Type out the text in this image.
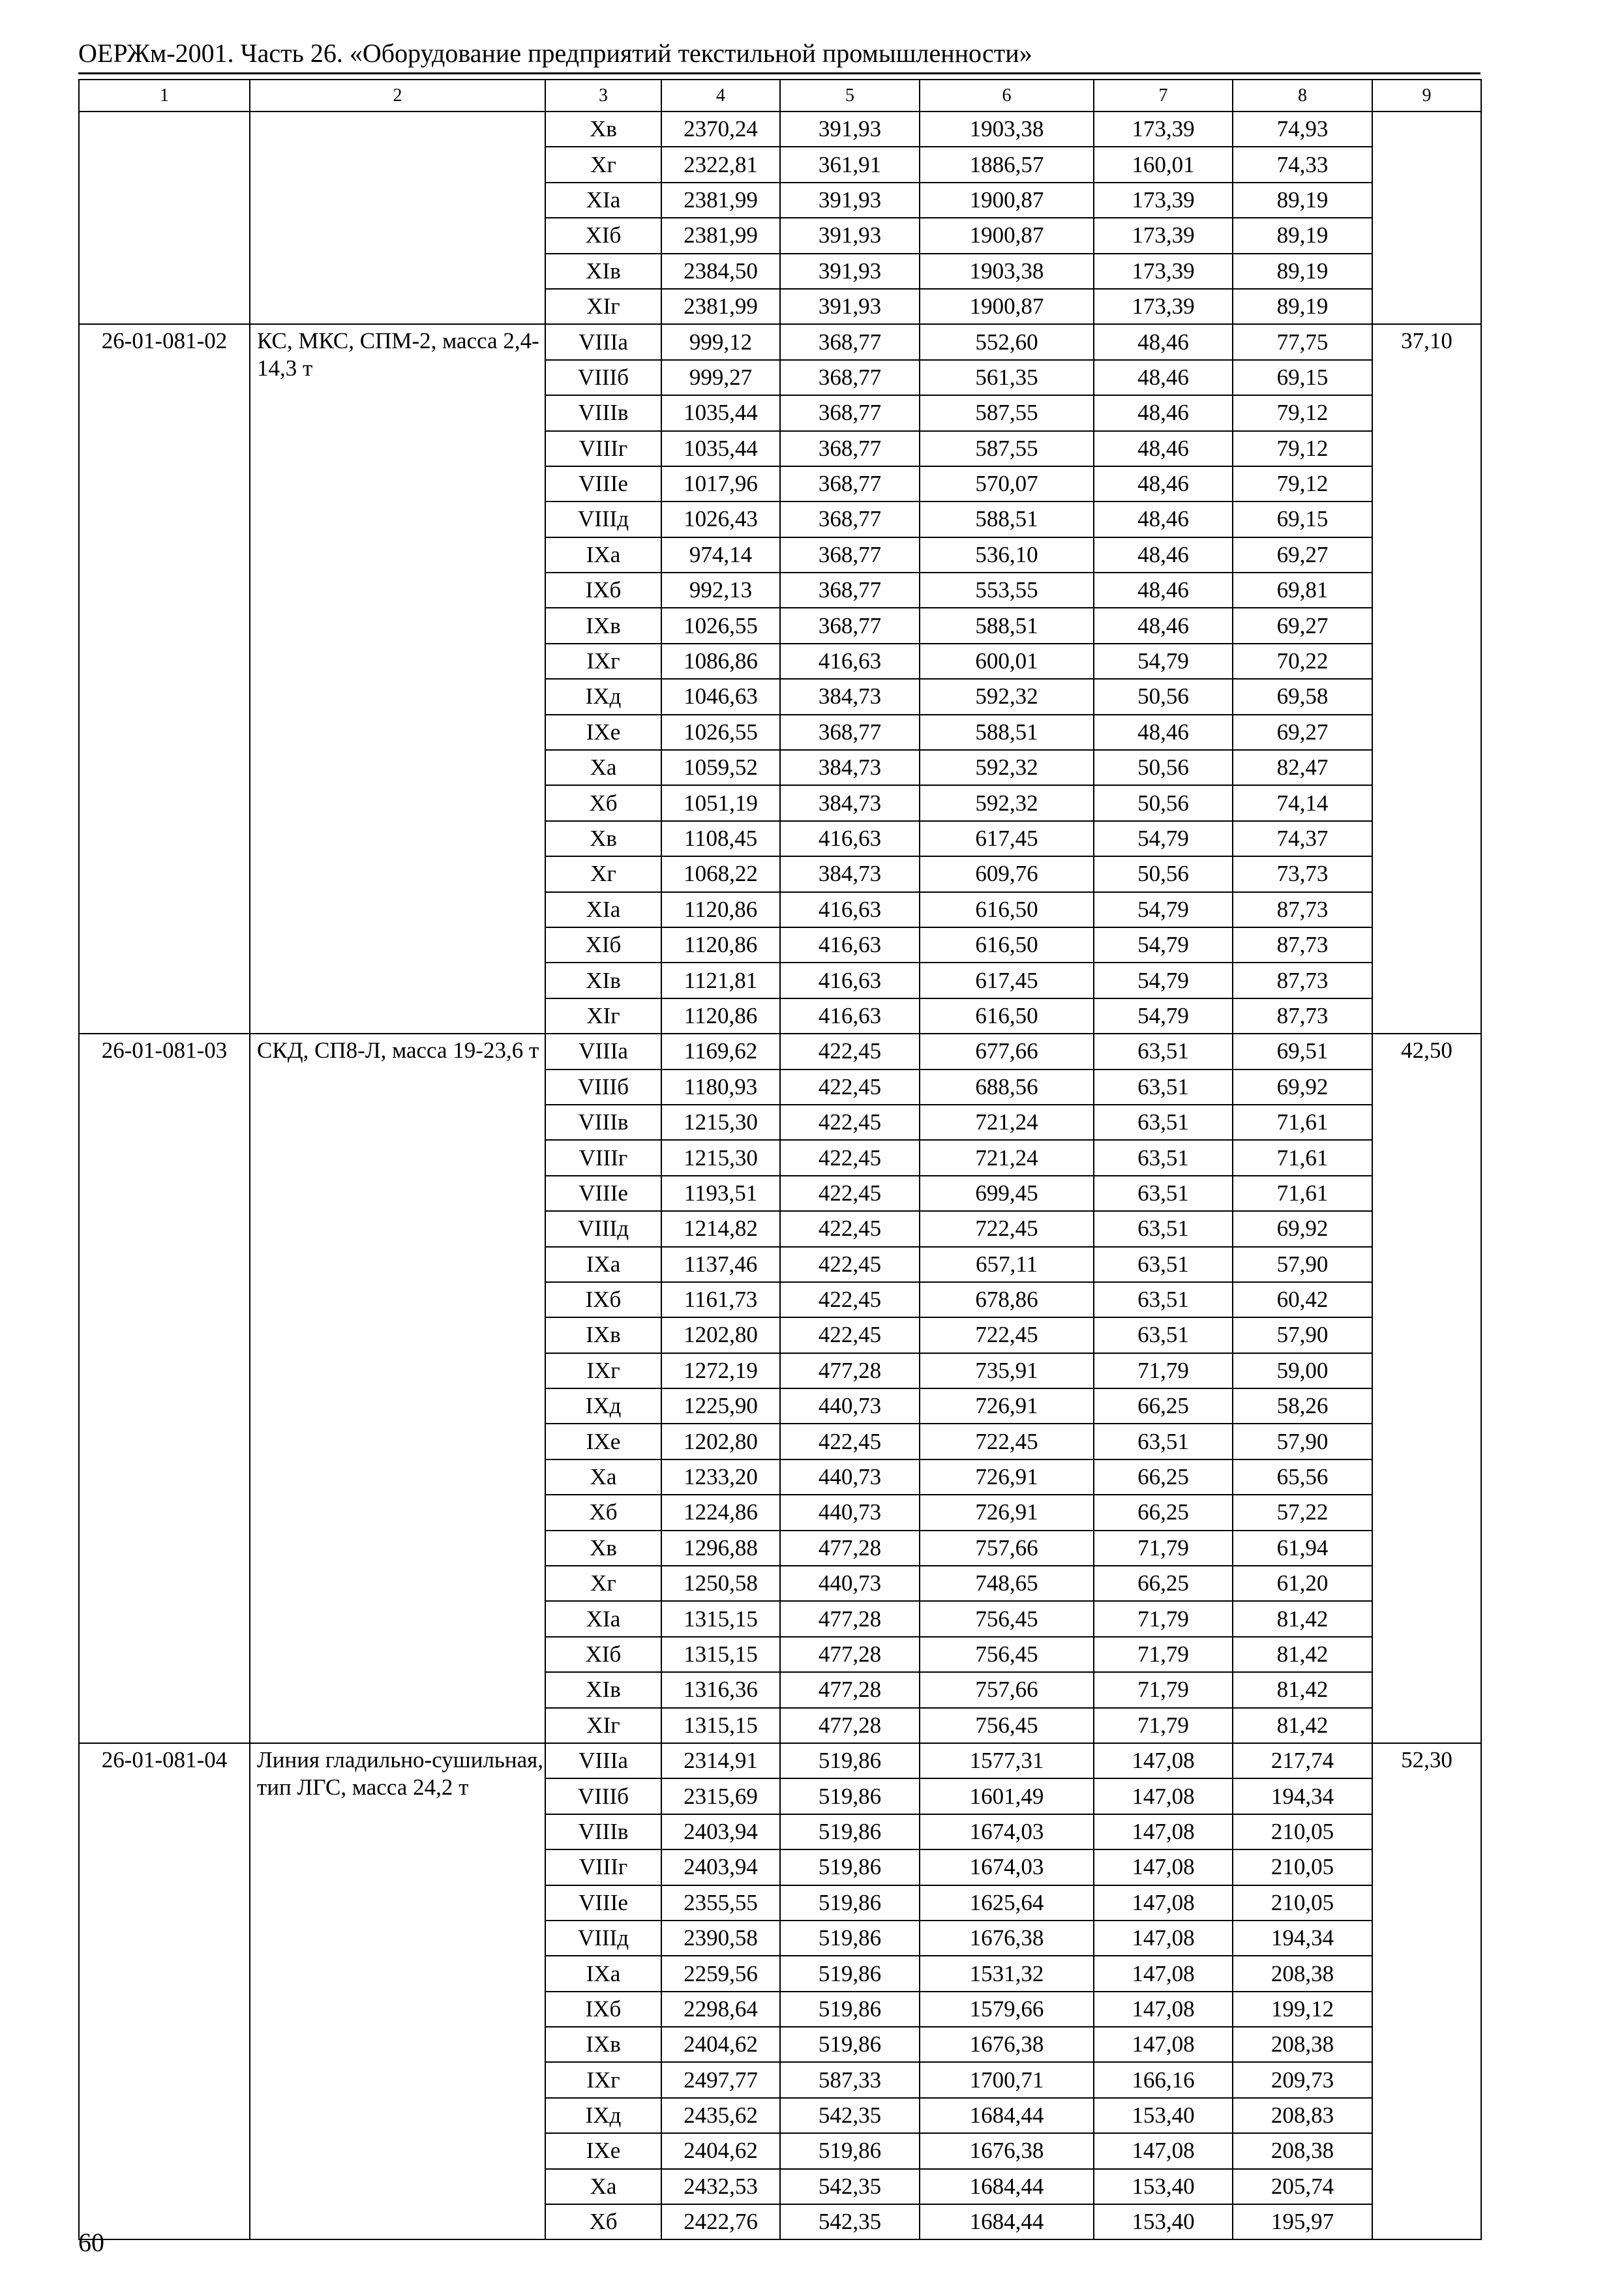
ОЕРЖм-2001. Часть 26. «Оборудование предприятий текстильной промышленности»
1	2	3	4	5	6	7	8	9
		Xв	2370,24	391,93	1903,38	173,39	74,93	
		Xг	2322,81	361,91	1886,57	160,01	74,33	
		XIa	2381,99	391,93	1900,87	173,39	89,19	
		XIб	2381,99	391,93	1900,87	173,39	89,19	
		XIв	2384,50	391,93	1903,38	173,39	89,19	
		XIг	2381,99	391,93	1900,87	173,39	89,19	
26-01-081-02	КС, МКС, СПМ-2, масса 2,4-14,3 т	VIIIa	999,12	368,77	552,60	48,46	77,75	37,10
		VIIIб	999,27	368,77	561,35	48,46	69,15	
		VIIIв	1035,44	368,77	587,55	48,46	79,12	
		VIIIг	1035,44	368,77	587,55	48,46	79,12	
		VIIIе	1017,96	368,77	570,07	48,46	79,12	
		VIIIд	1026,43	368,77	588,51	48,46	69,15	
		IXa	974,14	368,77	536,10	48,46	69,27	
		IXб	992,13	368,77	553,55	48,46	69,81	
		IXв	1026,55	368,77	588,51	48,46	69,27	
		IXг	1086,86	416,63	600,01	54,79	70,22	
		IXд	1046,63	384,73	592,32	50,56	69,58	
		IXе	1026,55	368,77	588,51	48,46	69,27	
		Xa	1059,52	384,73	592,32	50,56	82,47	
		Xб	1051,19	384,73	592,32	50,56	74,14	
		Xв	1108,45	416,63	617,45	54,79	74,37	
		Xг	1068,22	384,73	609,76	50,56	73,73	
		XIa	1120,86	416,63	616,50	54,79	87,73	
		XIб	1120,86	416,63	616,50	54,79	87,73	
		XIв	1121,81	416,63	617,45	54,79	87,73	
		XIг	1120,86	416,63	616,50	54,79	87,73	
26-01-081-03	СКД, СП8-Л, масса 19-23,6 т	VIIIa	1169,62	422,45	677,66	63,51	69,51	42,50
		VIIIб	1180,93	422,45	688,56	63,51	69,92	
		VIIIв	1215,30	422,45	721,24	63,51	71,61	
		VIIIг	1215,30	422,45	721,24	63,51	71,61	
		VIIIе	1193,51	422,45	699,45	63,51	71,61	
		VIIIд	1214,82	422,45	722,45	63,51	69,92	
		IXa	1137,46	422,45	657,11	63,51	57,90	
		IXб	1161,73	422,45	678,86	63,51	60,42	
		IXв	1202,80	422,45	722,45	63,51	57,90	
		IXг	1272,19	477,28	735,91	71,79	59,00	
		IXд	1225,90	440,73	726,91	66,25	58,26	
		IXе	1202,80	422,45	722,45	63,51	57,90	
		Xa	1233,20	440,73	726,91	66,25	65,56	
		Xб	1224,86	440,73	726,91	66,25	57,22	
		Xв	1296,88	477,28	757,66	71,79	61,94	
		Xг	1250,58	440,73	748,65	66,25	61,20	
		XIa	1315,15	477,28	756,45	71,79	81,42	
		XIб	1315,15	477,28	756,45	71,79	81,42	
		XIв	1316,36	477,28	757,66	71,79	81,42	
		XIг	1315,15	477,28	756,45	71,79	81,42	
26-01-081-04	Линия гладильно-сушильная, тип ЛГС, масса 24,2 т	VIIIa	2314,91	519,86	1577,31	147,08	217,74	52,30
		VIIIб	2315,69	519,86	1601,49	147,08	194,34	
		VIIIв	2403,94	519,86	1674,03	147,08	210,05	
		VIIIг	2403,94	519,86	1674,03	147,08	210,05	
		VIIIе	2355,55	519,86	1625,64	147,08	210,05	
		VIIIд	2390,58	519,86	1676,38	147,08	194,34	
		IXa	2259,56	519,86	1531,32	147,08	208,38	
		IXб	2298,64	519,86	1579,66	147,08	199,12	
		IXв	2404,62	519,86	1676,38	147,08	208,38	
		IXг	2497,77	587,33	1700,71	166,16	209,73	
		IXд	2435,62	542,35	1684,44	153,40	208,83	
		IXе	2404,62	519,86	1676,38	147,08	208,38	
		Xa	2432,53	542,35	1684,44	153,40	205,74	
		Xб	2422,76	542,35	1684,44	153,40	195,97	
60
